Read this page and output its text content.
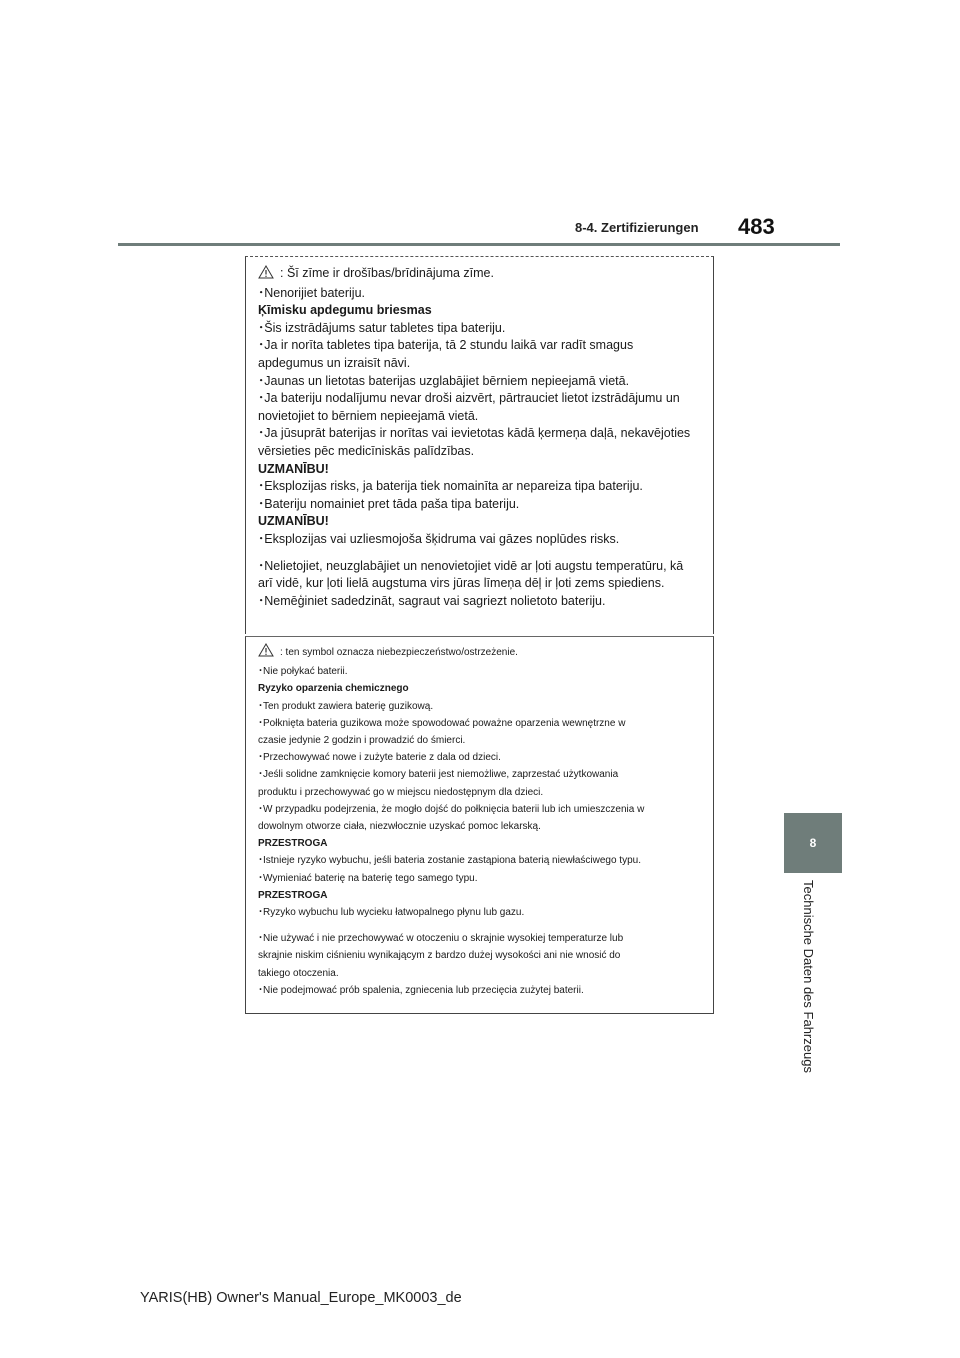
8-4. Zertifizierungen 483
8
Technische Daten des Fahrzeugs
: Šī zīme ir drošības/brīdinājuma zīme.
･Nenorijiet bateriju.
Ķīmisku apdegumu briesmas
･Šis izstrādājums satur tabletes tipa bateriju.
･Ja ir norīta tabletes tipa baterija, tā 2 stundu laikā var radīt smagus
apdegumus un izraisīt nāvi.
･Jaunas un lietotas baterijas uzglabājiet bērniem nepieejamā vietā.
･Ja bateriju nodalījumu nevar droši aizvērt, pārtrauciet lietot izstrādājumu un
novietojiet to bērniem nepieejamā vietā.
･Ja jūsuprāt baterijas ir norītas vai ievietotas kādā ķermeņa daļā, nekavējoties
vērsieties pēc medicīniskās palīdzības.
UZMANĪBU!
･Eksplozijas risks, ja baterija tiek nomainīta ar nepareiza tipa bateriju.
･Bateriju nomainiet pret tāda paša tipa bateriju.
UZMANĪBU!
･Eksplozijas vai uzliesmojoša šķidruma vai gāzes noplūdes risks.
･Nelietojiet, neuzglabājiet un nenovietojiet vidē ar ļoti augstu temperatūru, kā
arī vidē, kur ļoti lielā augstuma virs jūras līmeņa dēļ ir ļoti zems spiediens.
･Nemēģiniet sadedzināt, sagraut vai sagriezt nolietoto bateriju.
: ten symbol oznacza niebezpieczeństwo/ostrzeżenie.
･Nie połykać baterii.
Ryzyko oparzenia chemicznego
･Ten produkt zawiera baterię guzikową.
･Połknięta bateria guzikowa może spowodować poważne oparzenia wewnętrzne w
czasie jedynie 2 godzin i prowadzić do śmierci.
･Przechowywać nowe i zużyte baterie z dala od dzieci.
･Jeśli solidne zamknięcie komory baterii jest niemożliwe, zaprzestać użytkowania
produktu i przechowywać go w miejscu niedostępnym dla dzieci.
･W przypadku podejrzenia, że mogło dojść do połknięcia baterii lub ich umieszczenia w
dowolnym otworze ciała, niezwłocznie uzyskać pomoc lekarską.
PRZESTROGA
･Istnieje ryzyko wybuchu, jeśli bateria zostanie zastąpiona baterią niewłaściwego typu.
･Wymieniać baterię na baterię tego samego typu.
PRZESTROGA
･Ryzyko wybuchu lub wycieku łatwopalnego płynu lub gazu.
･Nie używać i nie przechowywać w otoczeniu o skrajnie wysokiej temperaturze lub
skrajnie niskim ciśnieniu wynikającym z bardzo dużej wysokości ani nie wnosić do
takiego otoczenia.
･Nie podejmować prób spalenia, zgniecenia lub przecięcia zużytej baterii.
YARIS(HB) Owner's Manual_Europe_MK0003_de
